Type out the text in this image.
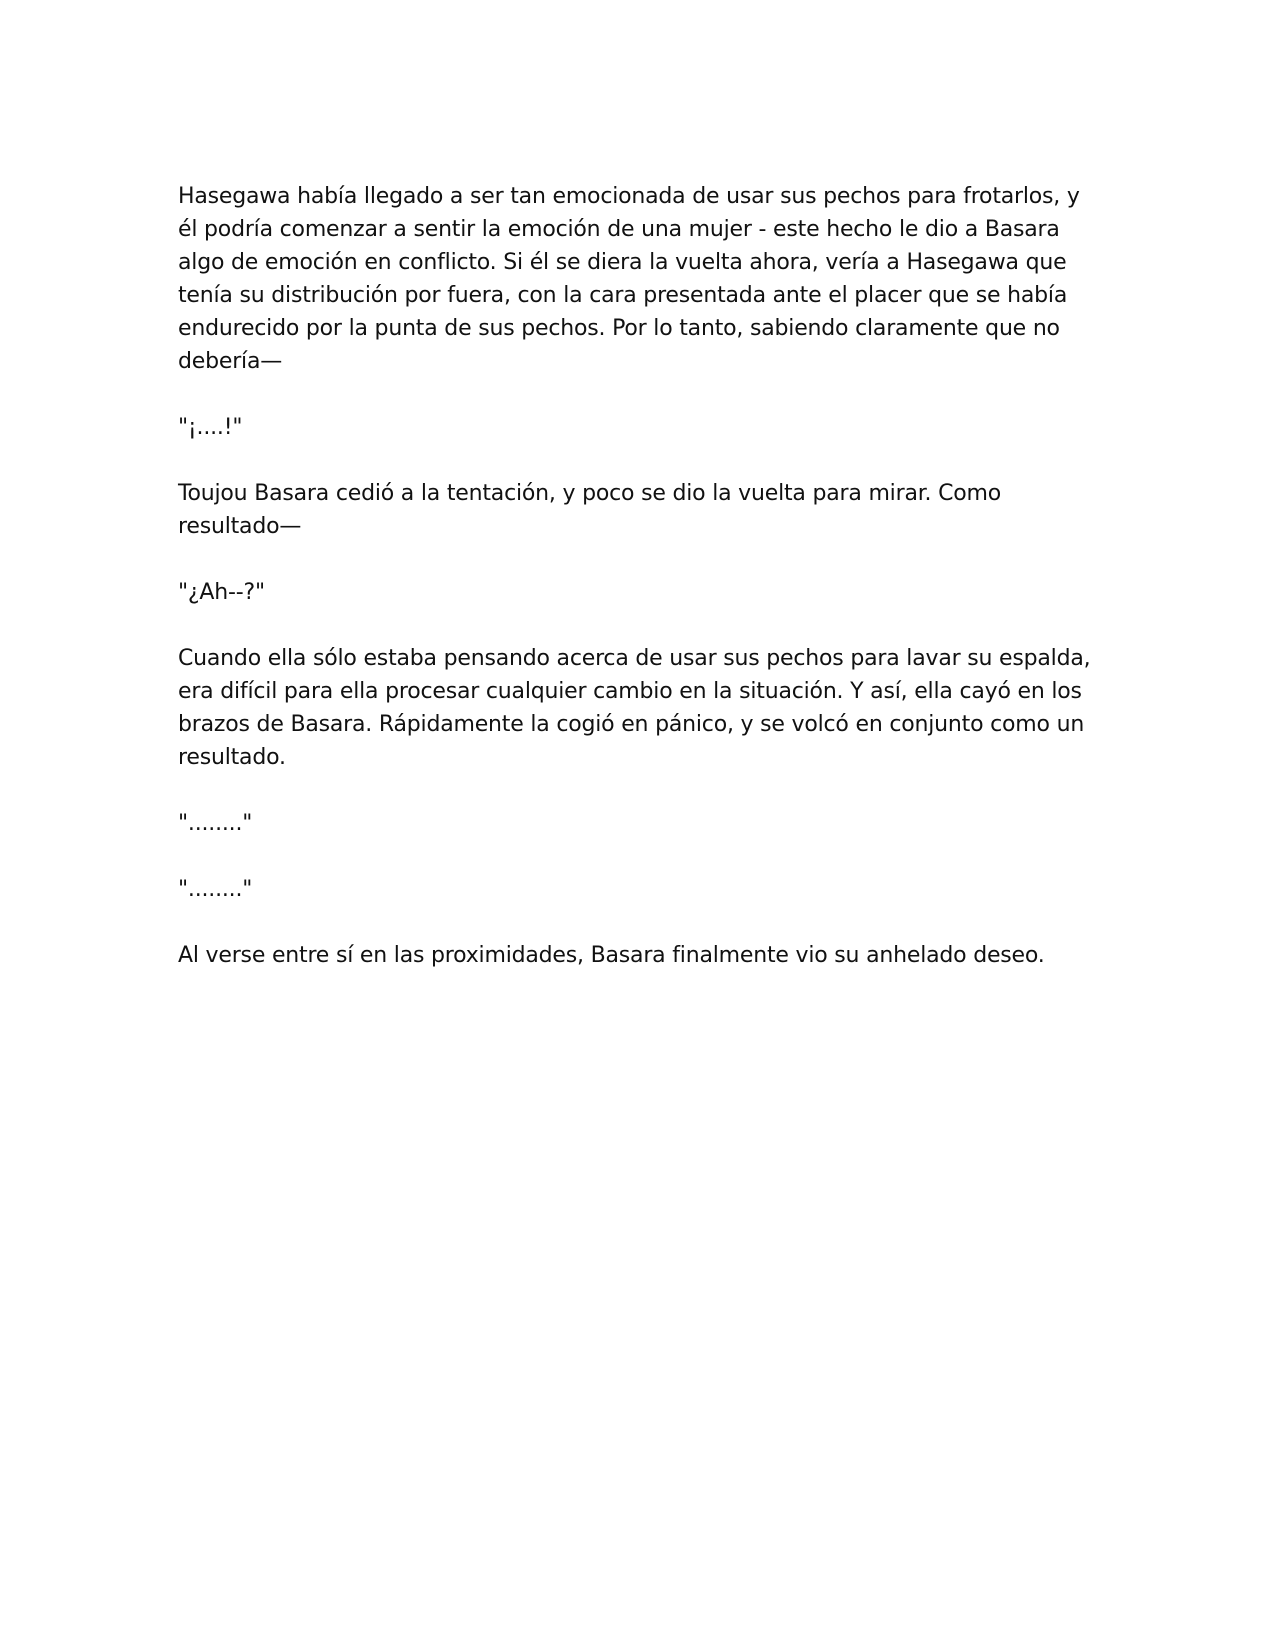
Hasegawa había llegado a ser tan emocionada de usar sus pechos para frotarlos, y él podría comenzar a sentir la emoción de una mujer - este hecho le dio a Basara algo de emoción en conflicto. Si él se diera la vuelta ahora, vería a Hasegawa que tenía su distribución por fuera, con la cara presentada ante el placer que se había endurecido por la punta de sus pechos. Por lo tanto, sabiendo claramente que no debería—

"¡....!"

Toujou Basara cedió a la tentación, y poco se dio la vuelta para mirar. Como resultado—

"¿Ah--?"

Cuando ella sólo estaba pensando acerca de usar sus pechos para lavar su espalda, era difícil para ella procesar cualquier cambio en la situación. Y así, ella cayó en los brazos de Basara. Rápidamente la cogió en pánico, y se volcó en conjunto como un resultado.

"........"

"........"

Al verse entre sí en las proximidades, Basara finalmente vio su anhelado deseo.
